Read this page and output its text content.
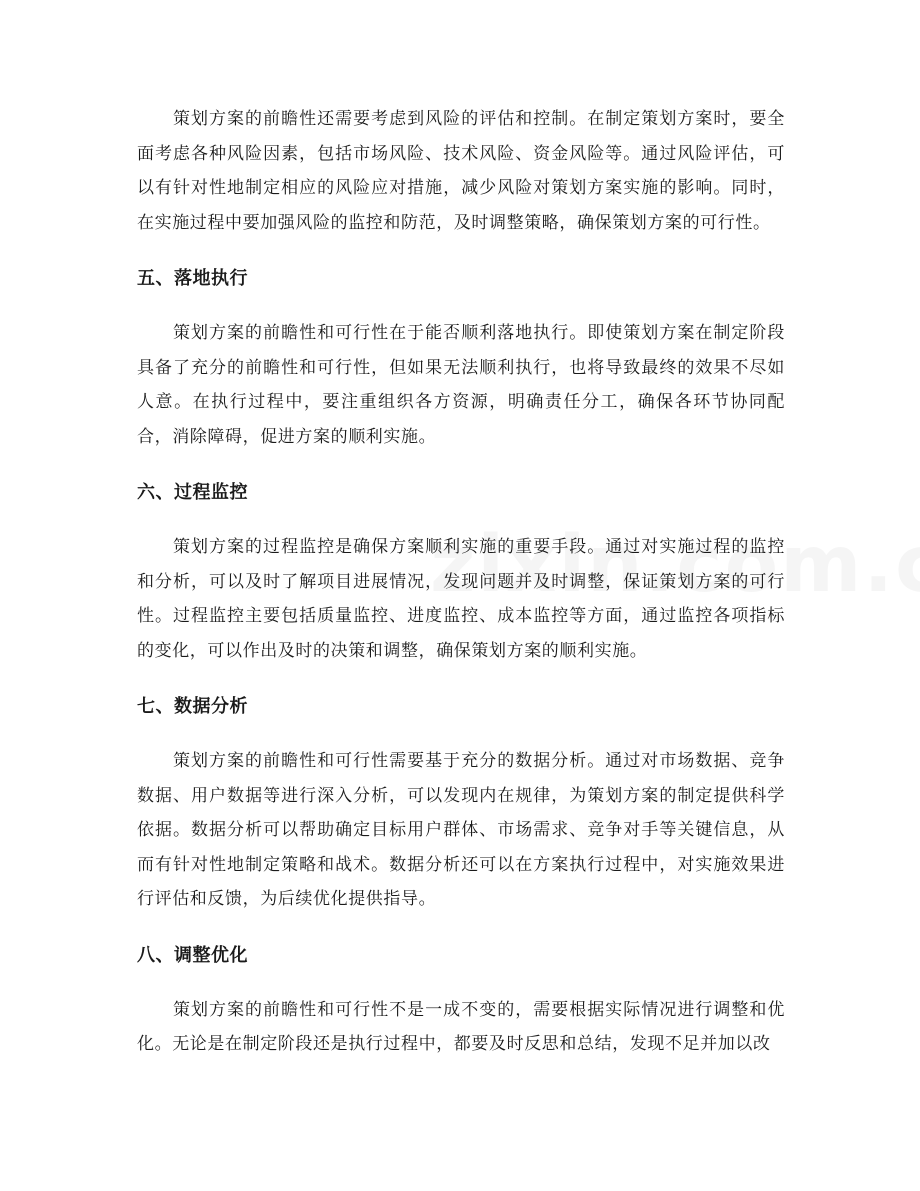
策划方案的前瞻性还需要考虑到风险的评估和控制。在制定策划方案时，要全面考虑各种风险因素，包括市场风险、技术风险、资金风险等。通过风险评估，可以有针对性地制定相应的风险应对措施，减少风险对策划方案实施的影响。同时，在实施过程中要加强风险的监控和防范，及时调整策略，确保策划方案的可行性。

五、落地执行

策划方案的前瞻性和可行性在于能否顺利落地执行。即使策划方案在制定阶段具备了充分的前瞻性和可行性，但如果无法顺利执行，也将导致最终的效果不尽如人意。在执行过程中，要注重组织各方资源，明确责任分工，确保各环节协同配合，消除障碍，促进方案的顺利实施。

六、过程监控

策划方案的过程监控是确保方案顺利实施的重要手段。通过对实施过程的监控和分析，可以及时了解项目进展情况，发现问题并及时调整，保证策划方案的可行性。过程监控主要包括质量监控、进度监控、成本监控等方面，通过监控各项指标的变化，可以作出及时的决策和调整，确保策划方案的顺利实施。

七、数据分析

策划方案的前瞻性和可行性需要基于充分的数据分析。通过对市场数据、竞争数据、用户数据等进行深入分析，可以发现内在规律，为策划方案的制定提供科学依据。数据分析可以帮助确定目标用户群体、市场需求、竞争对手等关键信息，从而有针对性地制定策略和战术。数据分析还可以在方案执行过程中，对实施效果进行评估和反馈，为后续优化提供指导。

八、调整优化

策划方案的前瞻性和可行性不是一成不变的，需要根据实际情况进行调整和优化。无论是在制定阶段还是执行过程中，都要及时反思和总结，发现不足并加以改
